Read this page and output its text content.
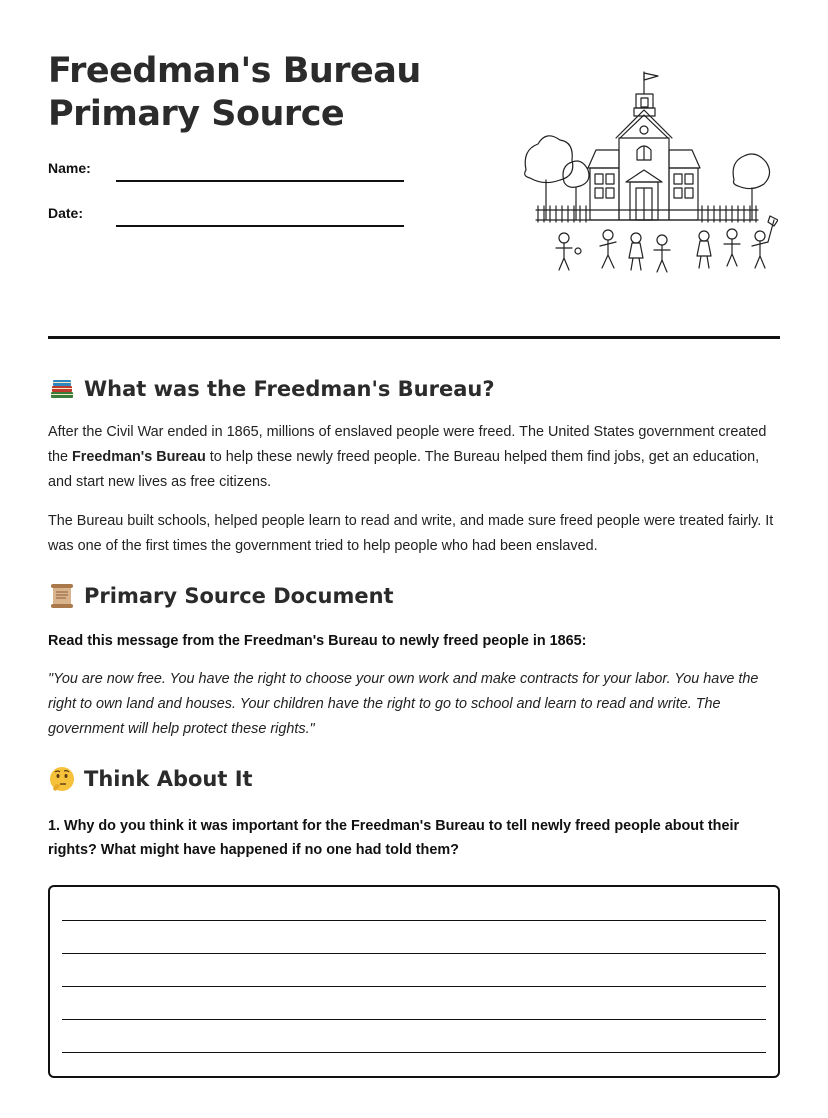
Freedman's Bureau
Primary Source
Name:
Date:
What was the Freedman's Bureau?

After the Civil War ended in 1865, millions of enslaved people were freed. The United States government created the Freedman's Bureau to help these newly freed people. The Bureau helped them find jobs, get an education, and start new lives as free citizens.

The Bureau built schools, helped people learn to read and write, and made sure freed people were treated fairly. It was one of the first times the government tried to help people who had been enslaved.

Primary Source Document
Read this message from the Freedman's Bureau to newly freed people in 1865:

"You are now free. You have the right to choose your own work and make contracts for your labor. You have the right to own land and houses. Your children have the right to go to school and learn to read and write. The government will help protect these rights."

Think About It
1. Why do you think it was important for the Freedman's Bureau to tell newly freed people about their rights? What might have happened if no one had told them?
